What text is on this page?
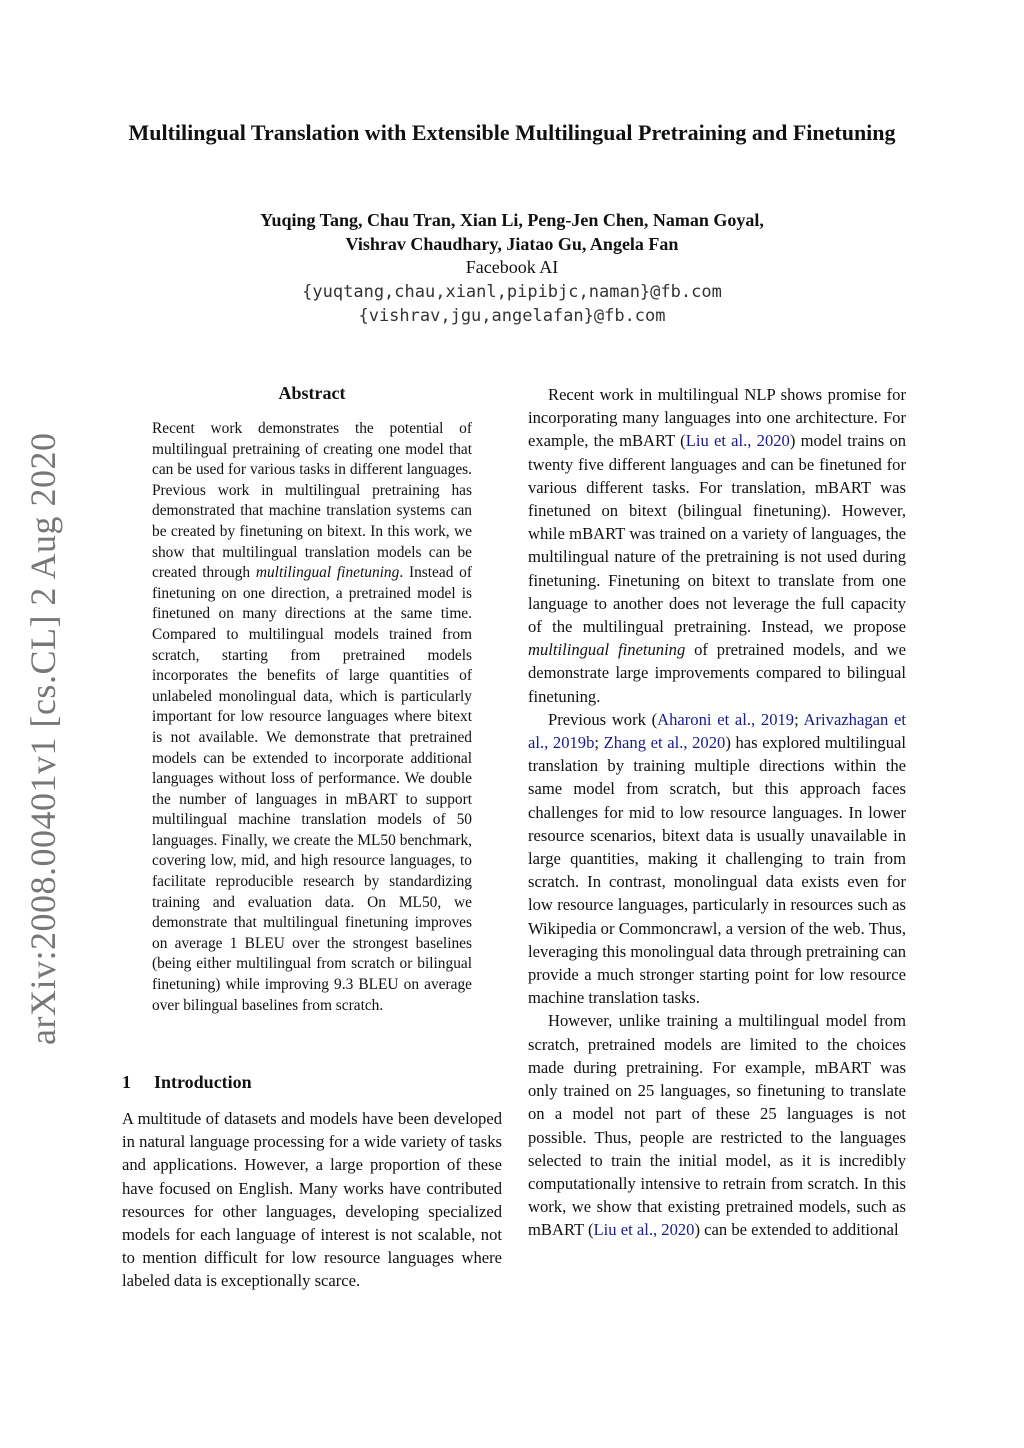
arXiv:2008.00401v1 [cs.CL] 2 Aug 2020
Multilingual Translation with Extensible Multilingual Pretraining and Finetuning
Yuqing Tang, Chau Tran, Xian Li, Peng-Jen Chen, Naman Goyal,
Vishrav Chaudhary, Jiatao Gu, Angela Fan
Facebook AI
{yuqtang,chau,xianl,pipibjc,naman}@fb.com
{vishrav,jgu,angelafan}@fb.com
Abstract

Recent work demonstrates the potential of multilingual pretraining of creating one model that can be used for various tasks in different languages. Previous work in multilingual pretraining has demonstrated that machine translation systems can be created by finetuning on bitext. In this work, we show that multilingual translation models can be created through multilingual finetuning. Instead of finetuning on one direction, a pretrained model is finetuned on many directions at the same time. Compared to multilingual models trained from scratch, starting from pretrained models incorporates the benefits of large quantities of unlabeled monolingual data, which is particularly important for low resource languages where bitext is not available. We demonstrate that pretrained models can be extended to incorporate additional languages without loss of performance. We double the number of languages in mBART to support multilingual machine translation models of 50 languages. Finally, we create the ML50 benchmark, covering low, mid, and high resource languages, to facilitate reproducible research by standardizing training and evaluation data. On ML50, we demonstrate that multilingual finetuning improves on average 1 BLEU over the strongest baselines (being either multilingual from scratch or bilingual finetuning) while improving 9.3 BLEU on average over bilingual baselines from scratch.

1 Introduction

A multitude of datasets and models have been developed in natural language processing for a wide variety of tasks and applications. However, a large proportion of these have focused on English. Many works have contributed resources for other languages, developing specialized models for each language of interest is not scalable, not to mention difficult for low resource languages where labeled data is exceptionally scarce.

Recent work in multilingual NLP shows promise for incorporating many languages into one architecture. For example, the mBART (Liu et al., 2020) model trains on twenty five different languages and can be finetuned for various different tasks. For translation, mBART was finetuned on bitext (bilingual finetuning). However, while mBART was trained on a variety of languages, the multilingual nature of the pretraining is not used during finetuning. Finetuning on bitext to translate from one language to another does not leverage the full capacity of the multilingual pretraining. Instead, we propose multilingual finetuning of pretrained models, and we demonstrate large improvements compared to bilingual finetuning.

Previous work (Aharoni et al., 2019; Arivazhagan et al., 2019b; Zhang et al., 2020) has explored multilingual translation by training multiple directions within the same model from scratch, but this approach faces challenges for mid to low resource languages. In lower resource scenarios, bitext data is usually unavailable in large quantities, making it challenging to train from scratch. In contrast, monolingual data exists even for low resource languages, particularly in resources such as Wikipedia or Commoncrawl, a version of the web. Thus, leveraging this monolingual data through pretraining can provide a much stronger starting point for low resource machine translation tasks.

However, unlike training a multilingual model from scratch, pretrained models are limited to the choices made during pretraining. For example, mBART was only trained on 25 languages, so finetuning to translate on a model not part of these 25 languages is not possible. Thus, people are restricted to the languages selected to train the initial model, as it is incredibly computationally intensive to retrain from scratch. In this work, we show that existing pretrained models, such as mBART (Liu et al., 2020) can be extended to additional
